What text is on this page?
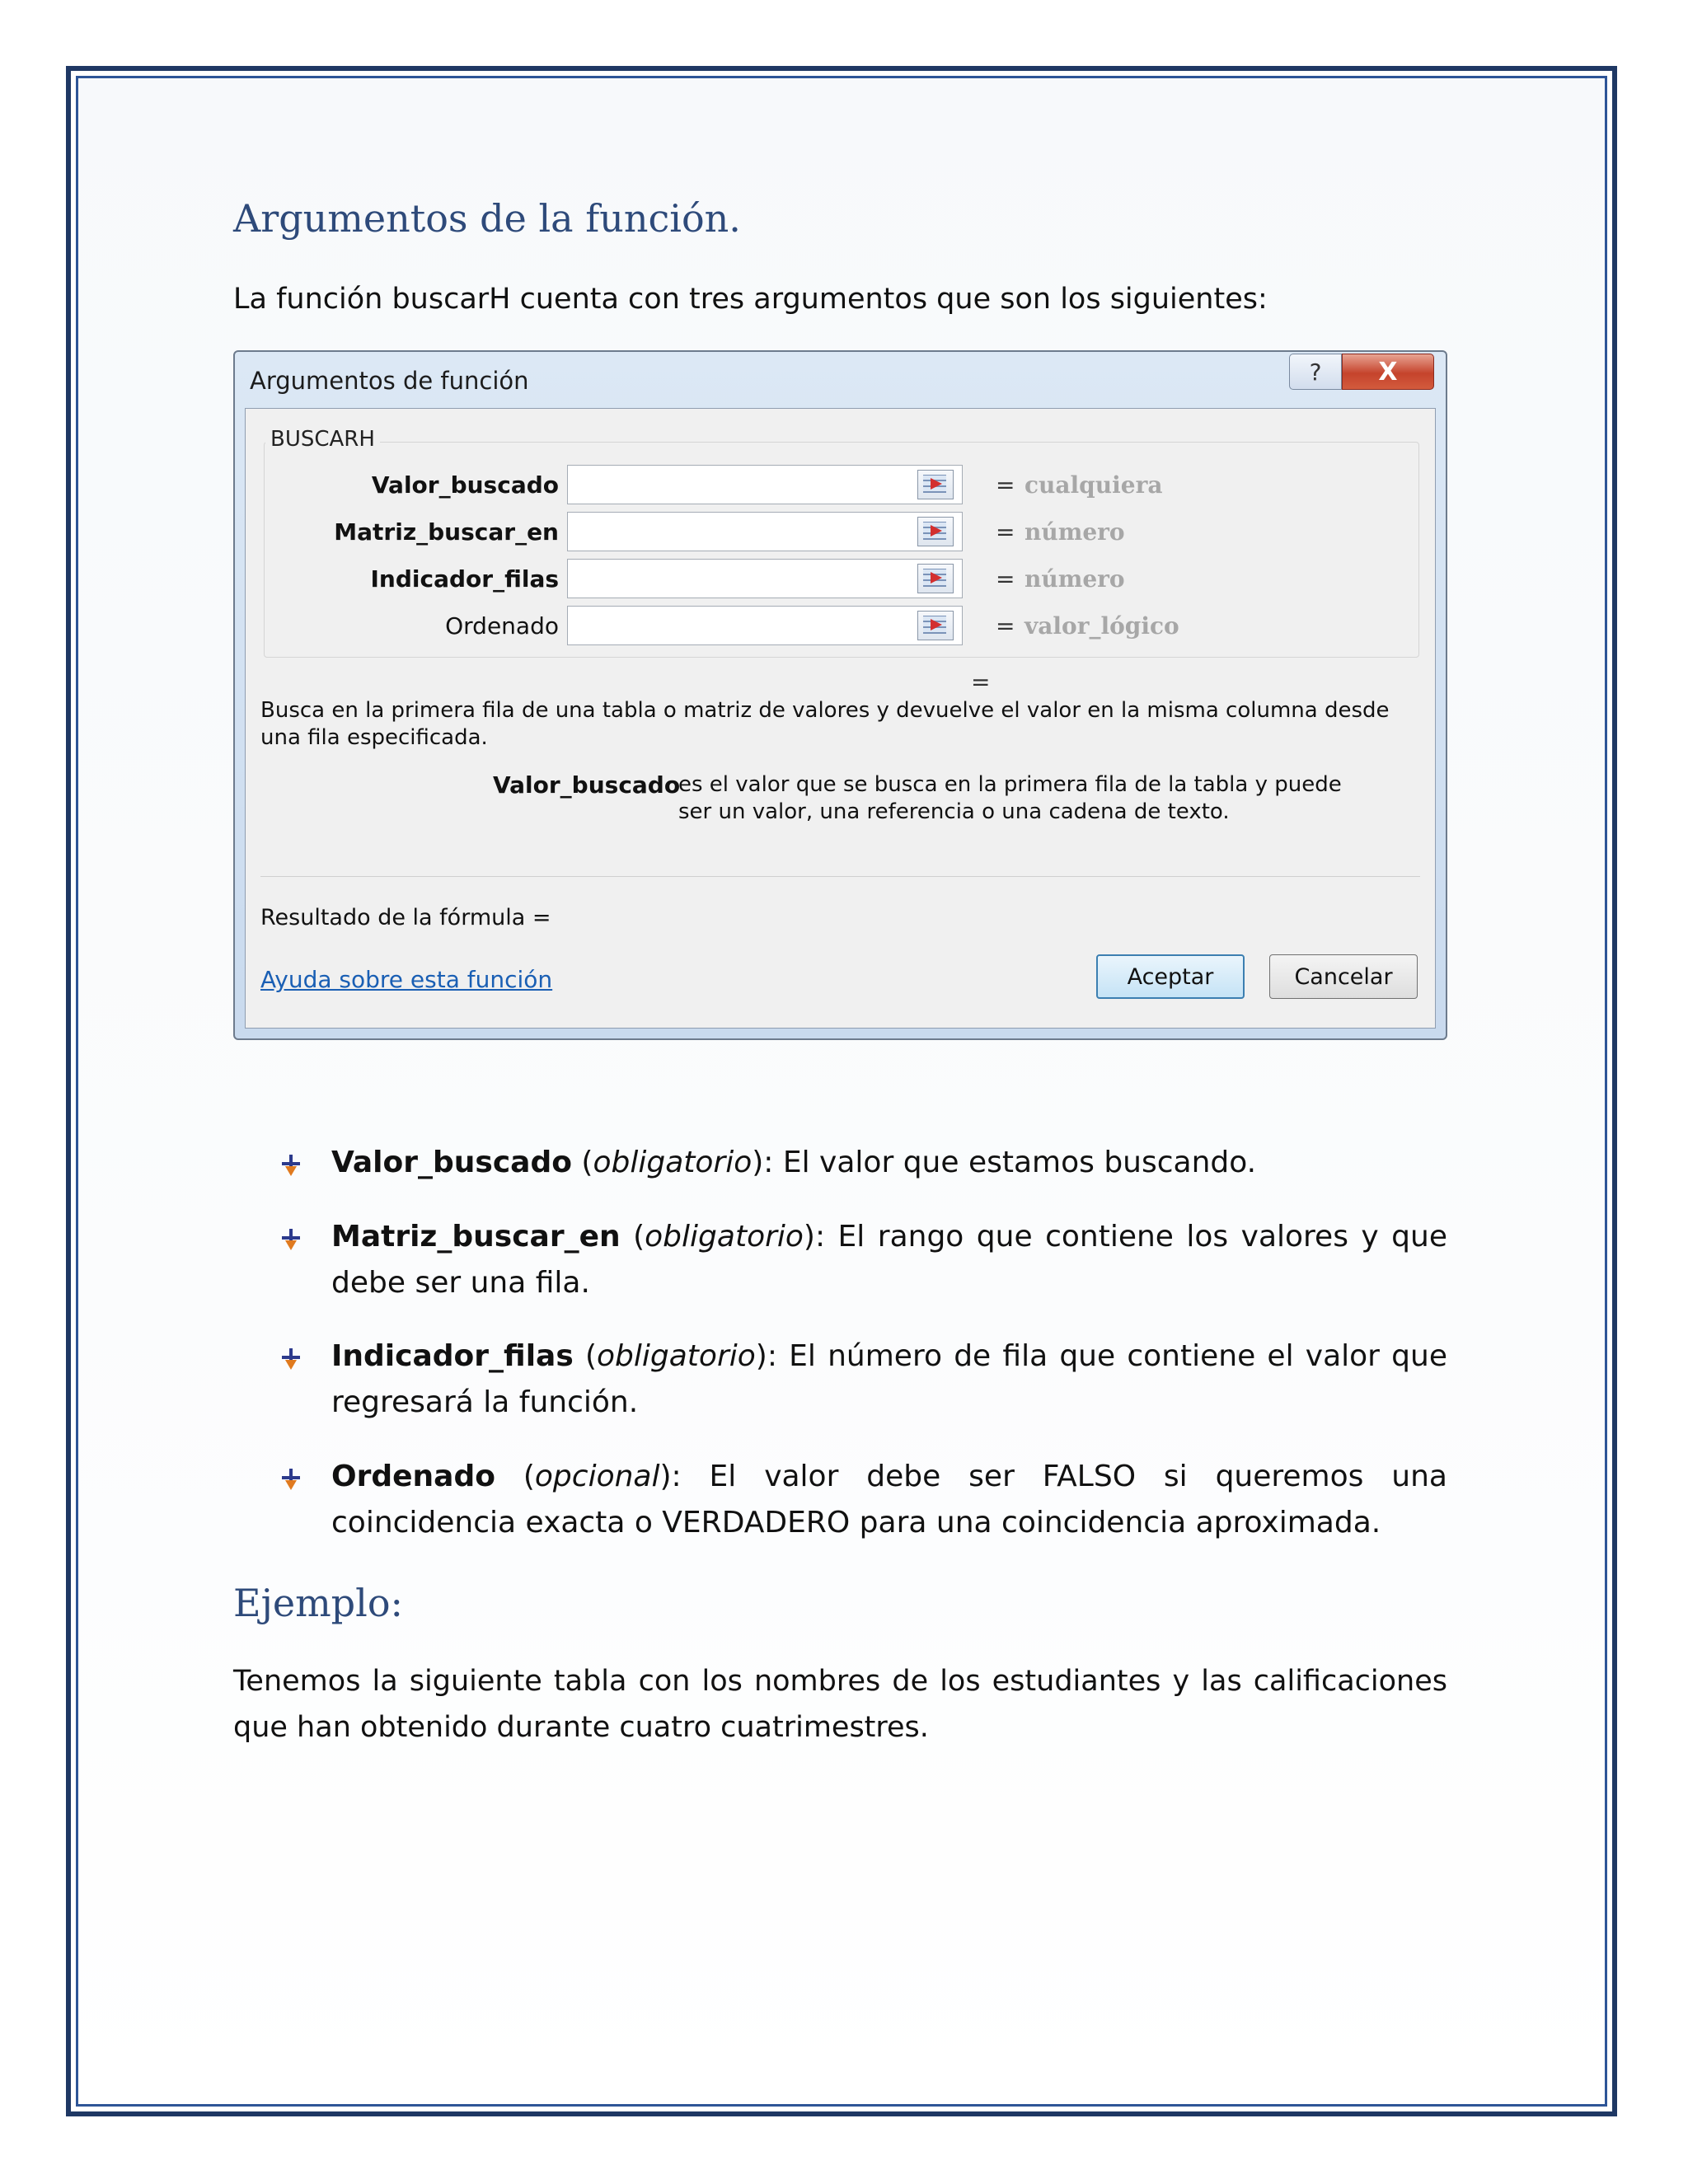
Argumentos de la función.
La función buscarH cuenta con tres argumentos que son los siguientes:
Argumentos de función	? X
BUSCARH
Valor_buscado	= cualquiera
Matriz_buscar_en	= número
Indicador_filas	= número
Ordenado	= valor_lógico
=
Busca en la primera fila de una tabla o matriz de valores y devuelve el valor en la misma columna desde una fila especificada.
Valor_buscado
es el valor que se busca en la primera fila de la tabla y puede ser un valor, una referencia o una cadena de texto.
Resultado de la fórmula =
Ayuda sobre esta función	Aceptar	Cancelar
Valor_buscado (obligatorio): El valor que estamos buscando.
Matriz_buscar_en (obligatorio): El rango que contiene los valores y que debe ser una fila.
Indicador_filas (obligatorio): El número de fila que contiene el valor que regresará la función.
Ordenado (opcional): El valor debe ser FALSO si queremos una coincidencia exacta o VERDADERO para una coincidencia aproximada.
Ejemplo:
Tenemos la siguiente tabla con los nombres de los estudiantes y las calificaciones que han obtenido durante cuatro cuatrimestres.
